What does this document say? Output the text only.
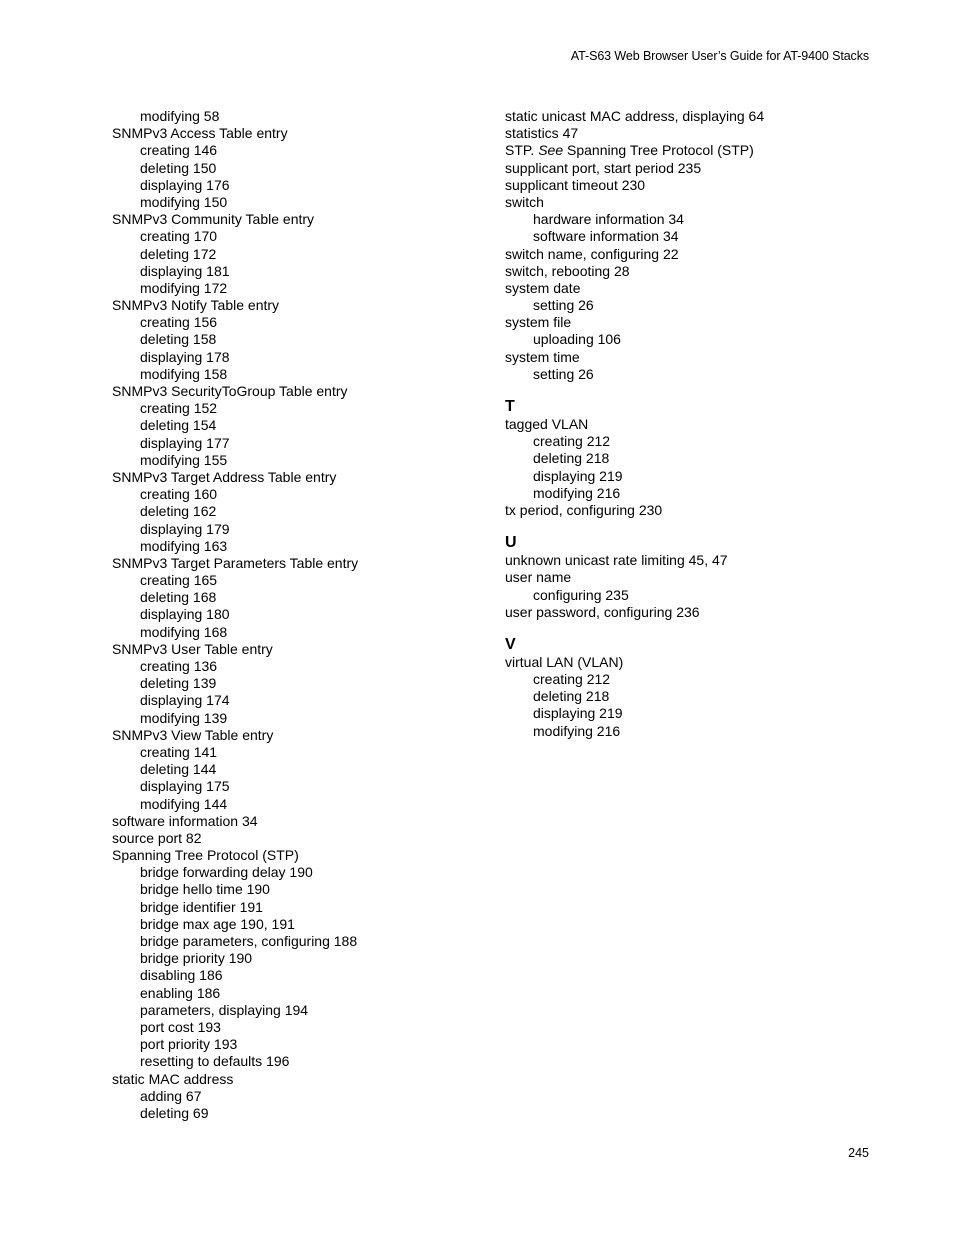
AT-S63 Web Browser User’s Guide for AT-9400 Stacks
modifying 58
SNMPv3 Access Table entry
creating 146
deleting 150
displaying 176
modifying 150
SNMPv3 Community Table entry
creating 170
deleting 172
displaying 181
modifying 172
SNMPv3 Notify Table entry
creating 156
deleting 158
displaying 178
modifying 158
SNMPv3 SecurityToGroup Table entry
creating 152
deleting 154
displaying 177
modifying 155
SNMPv3 Target Address Table entry
creating 160
deleting 162
displaying 179
modifying 163
SNMPv3 Target Parameters Table entry
creating 165
deleting 168
displaying 180
modifying 168
SNMPv3 User Table entry
creating 136
deleting 139
displaying 174
modifying 139
SNMPv3 View Table entry
creating 141
deleting 144
displaying 175
modifying 144
software information 34
source port 82
Spanning Tree Protocol (STP)
bridge forwarding delay 190
bridge hello time 190
bridge identifier 191
bridge max age 190, 191
bridge parameters, configuring 188
bridge priority 190
disabling 186
enabling 186
parameters, displaying 194
port cost 193
port priority 193
resetting to defaults 196
static MAC address
adding 67
deleting 69
static unicast MAC address, displaying 64
statistics 47
STP. See Spanning Tree Protocol (STP)
supplicant port, start period 235
supplicant timeout 230
switch
hardware information 34
software information 34
switch name, configuring 22
switch, rebooting 28
system date
setting 26
system file
uploading 106
system time
setting 26
T
tagged VLAN
creating 212
deleting 218
displaying 219
modifying 216
tx period, configuring 230
U
unknown unicast rate limiting 45, 47
user name
configuring 235
user password, configuring 236
V
virtual LAN (VLAN)
creating 212
deleting 218
displaying 219
modifying 216
245
